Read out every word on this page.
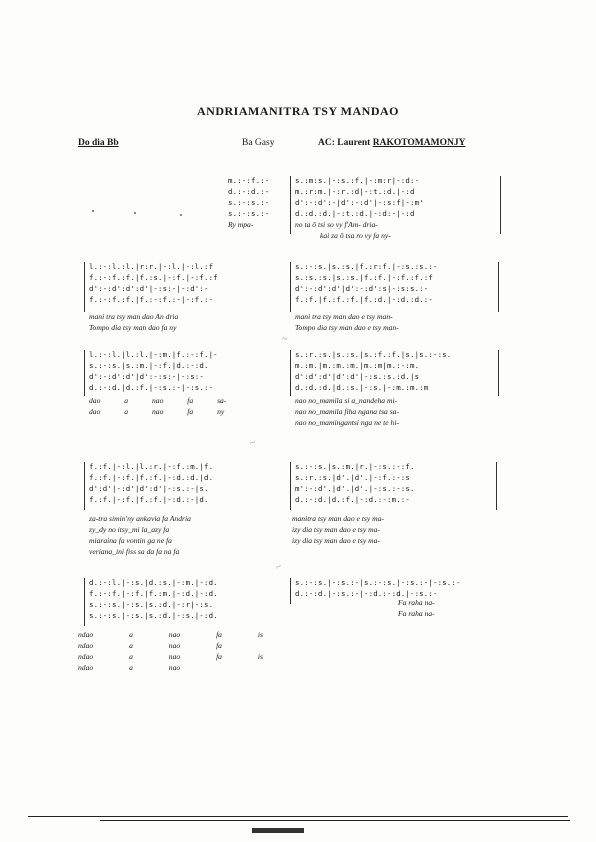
ANDRIAMANITRA TSY MANDAO
Do dia Bb	Ba Gasy	AC: Laurent RAKOTOMAMONJY
m.:-:f.:-
d.:-:d.:-
s.:-:s.:-
s.:-:s.:-
Ry mpa-
s.:m:s.|-:s.:f.|-:m:r|-:d:-
m.:r:m.|-:r.:d|-:t.:d.|-:d
d':-:d':-|d':-:d'|-:s:f|-:m'
d.:d.:d.|-:t.:d.|-:d:-|-:d
no ta ô tsi so vy f'Am- dria-
kai za ô tsa ro vy fa ny-
l.:-:l.:l.|r:r.|-:l.|-:l.:f
f.:-:f.:f.|f.:s.|-:f.|-:f.:f
d':-:d':d':d'|-:s:-|-:d':-
f.:-:f.:f.|f.:-:f.:-|-:f.:-
mani tra tsy man dao An dria
Tompo dia tsy man dao fa ny
s.:-:s.|s.:s.|f.:r:f.|-:s.:s.:-
s.:s.:s.|s.:s.|f.:f.|-:f.:f.:f
d':-:d':d'|d':-:d':s|-:s:s.:-
f.:f.|f.:f.:f.|f.:d.|-:d.:d.:-
mani tra tsy man dao e tsy man-
Tompo dia tsy man dao e tsy man-
l.:-:l.|l.:l.|-:m.|f.:-:f.|-
s.:-:s.|s.:m.|-:f.|d.:-:d.
d':-:d':d'|d':-:s:-|-:s:-
d.:-:d.|d.:f.|-:s.:-|-:s.:-
dao a nao fa sa-
dao a nao fa ny
s.:r.:s.|s.:s.|s.:f.:f.|s.|s.:-:s.
m.:m.|m.:m.:m.|m.:m|m.:-:m.
d':d':d'|d':d'|-:s.:s.:d.|s
d.:d.:d.|d.:s.|-:s.|-:m.:m.:m
nao no_mamila si a_nandeha mi-
nao no_mamila fiha ngana tsa sa-
nao no_mamingantsi nga ne te hi-
f.:f.|-:l.|l.:r.|-:f.:m.|f.
f.:f.|-:f.|f.:f.|-:d.:d.|d.
d':d'|-:d'|d':d'|-:s.:-|s.
f.:f.|-:f.|f.:f.|-:d.:-|d.
za-tra simin'ny ankavia fa Andria
zy_dy no itsy_mi la_azy fa
miaraina fa vontin ga ne fa
veriana_ini fiss sa da fa na fa
s.:-:s.|s.:m.|r.|-:s.:-:f.
s.:r.:s.|d'.|d'.|-:f.:-:s
m':-:d'.|d'.|d'.|-:s.:-:s.
d.:-:d.|d.:f.|-:d.:-:m.:-
manitra tsy man dao e tsy ma-
izy dia tsy man dao e tsy ma-
izy dia tsy man dao e tsy ma-
d.:-:l.|-:s.|d.:s.|-:m.|-:d.
f.:-:f.|-:f.|f.:m.|-:d.|-:d.
s.:-:s.|-:s.|s.:d.|-:r|-:s.
s.:-:s.|-:s.|s.:d.|-:s.|-:d.
ndao a nao fa is
ndao a nao fa
ndao a nao fa is
ndao a nao
s.:-:s.|-:s.:-|s.:-:s.|-:s.:-|-:s.:-
d.:-:d.|-:s.:-|-:d.:-:d.|-:s.:-
Fa raha na-
Fa raha na-
~
~
~
